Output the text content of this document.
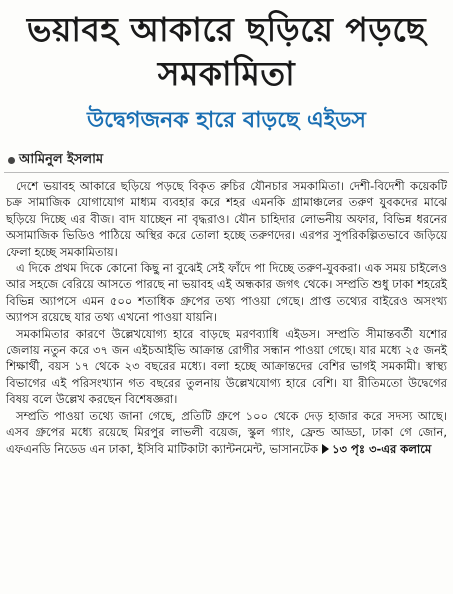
ভয়াবহ আকারে ছড়িয়ে পড়ছে সমকামিতা
উদ্বেগজনক হারে বাড়ছে এইডস
আমিনুল ইসলাম

দেশে ভয়াবহ আকারে ছড়িয়ে পড়ছে বিকৃত রুচির যৌনচার সমকামিতা। দেশী-বিদেশী কয়েকটি চক্র সামাজিক যোগাযোগ মাধ্যম ব্যবহার করে শহর এমনকি গ্রামাঞ্চলের তরুণ যুবকদের মাঝে ছড়িয়ে দিচ্ছে এর বীজ। বাদ যাচ্ছেন না বৃদ্ধরাও। যৌন চাহিদার লোভনীয় অফার, বিভিন্ন ধরনের অসামাজিক ভিডিও পাঠিয়ে অস্থির করে তোলা হচ্ছে তরুণদের। এরপর সুপরিকল্পিতভাবে জড়িয়ে ফেলা হচ্ছে সমকামিতায়।

এ দিকে প্রথম দিকে কোনো কিছু না বুঝেই সেই ফাঁদে পা দিচ্ছে তরুণ-যুবকরা। এক সময় চাইলেও আর সহজে বেরিয়ে আসতে পারছে না ভয়াবহ এই অন্ধকার জগৎ থেকে। সম্প্রতি শুধু ঢাকা শহরেই বিভিন্ন অ্যাপসে এমন ৫০০ শতাধিক গ্রুপের তথ্য পাওয়া গেছে। প্রাপ্ত তথ্যের বাইরেও অসংখ্য অ্যাপস রয়েছে যার তথ্য এখনো পাওয়া যায়নি।

সমকামিতার কারণে উল্লেখযোগ্য হারে বাড়ছে মরণব্যাধি এইডস। সম্প্রতি সীমান্তবর্তী যশোর জেলায় নতুন করে ৩৭ জন এইচআইভি আক্রান্ত রোগীর সন্ধান পাওয়া গেছে। যার মধ্যে ২৫ জনই শিক্ষার্থী, বয়স ১৭ থেকে ২৩ বছরের মধ্যে। বলা হচ্ছে আক্রান্তদের বেশির ভাগই সমকামী। স্বাস্থ্য বিভাগের এই পরিসংখ্যান গত বছরের তুলনায় উল্লেখযোগ্য হারে বেশি। যা রীতিমতো উদ্বেগের বিষয় বলে উল্লেখ করছেন বিশেষজ্ঞরা।

সম্প্রতি পাওয়া তথ্যে জানা গেছে, প্রতিটি গ্রুপে ১০০ থেকে দেড় হাজার করে সদস্য আছে। এসব গ্রুপের মধ্যে রয়েছে মিরপুর লাভলী বয়েজ, স্কুল গ্যাং, ফ্রেন্ড আড্ডা, ঢাকা গে জোন, এফএনডি নিডেড এন ঢাকা, ইসিবি মাটিকাটা ক্যান্টনমেন্ট, ভাসানটেক ১৩ পৃঃ ৩-এর কলামে
